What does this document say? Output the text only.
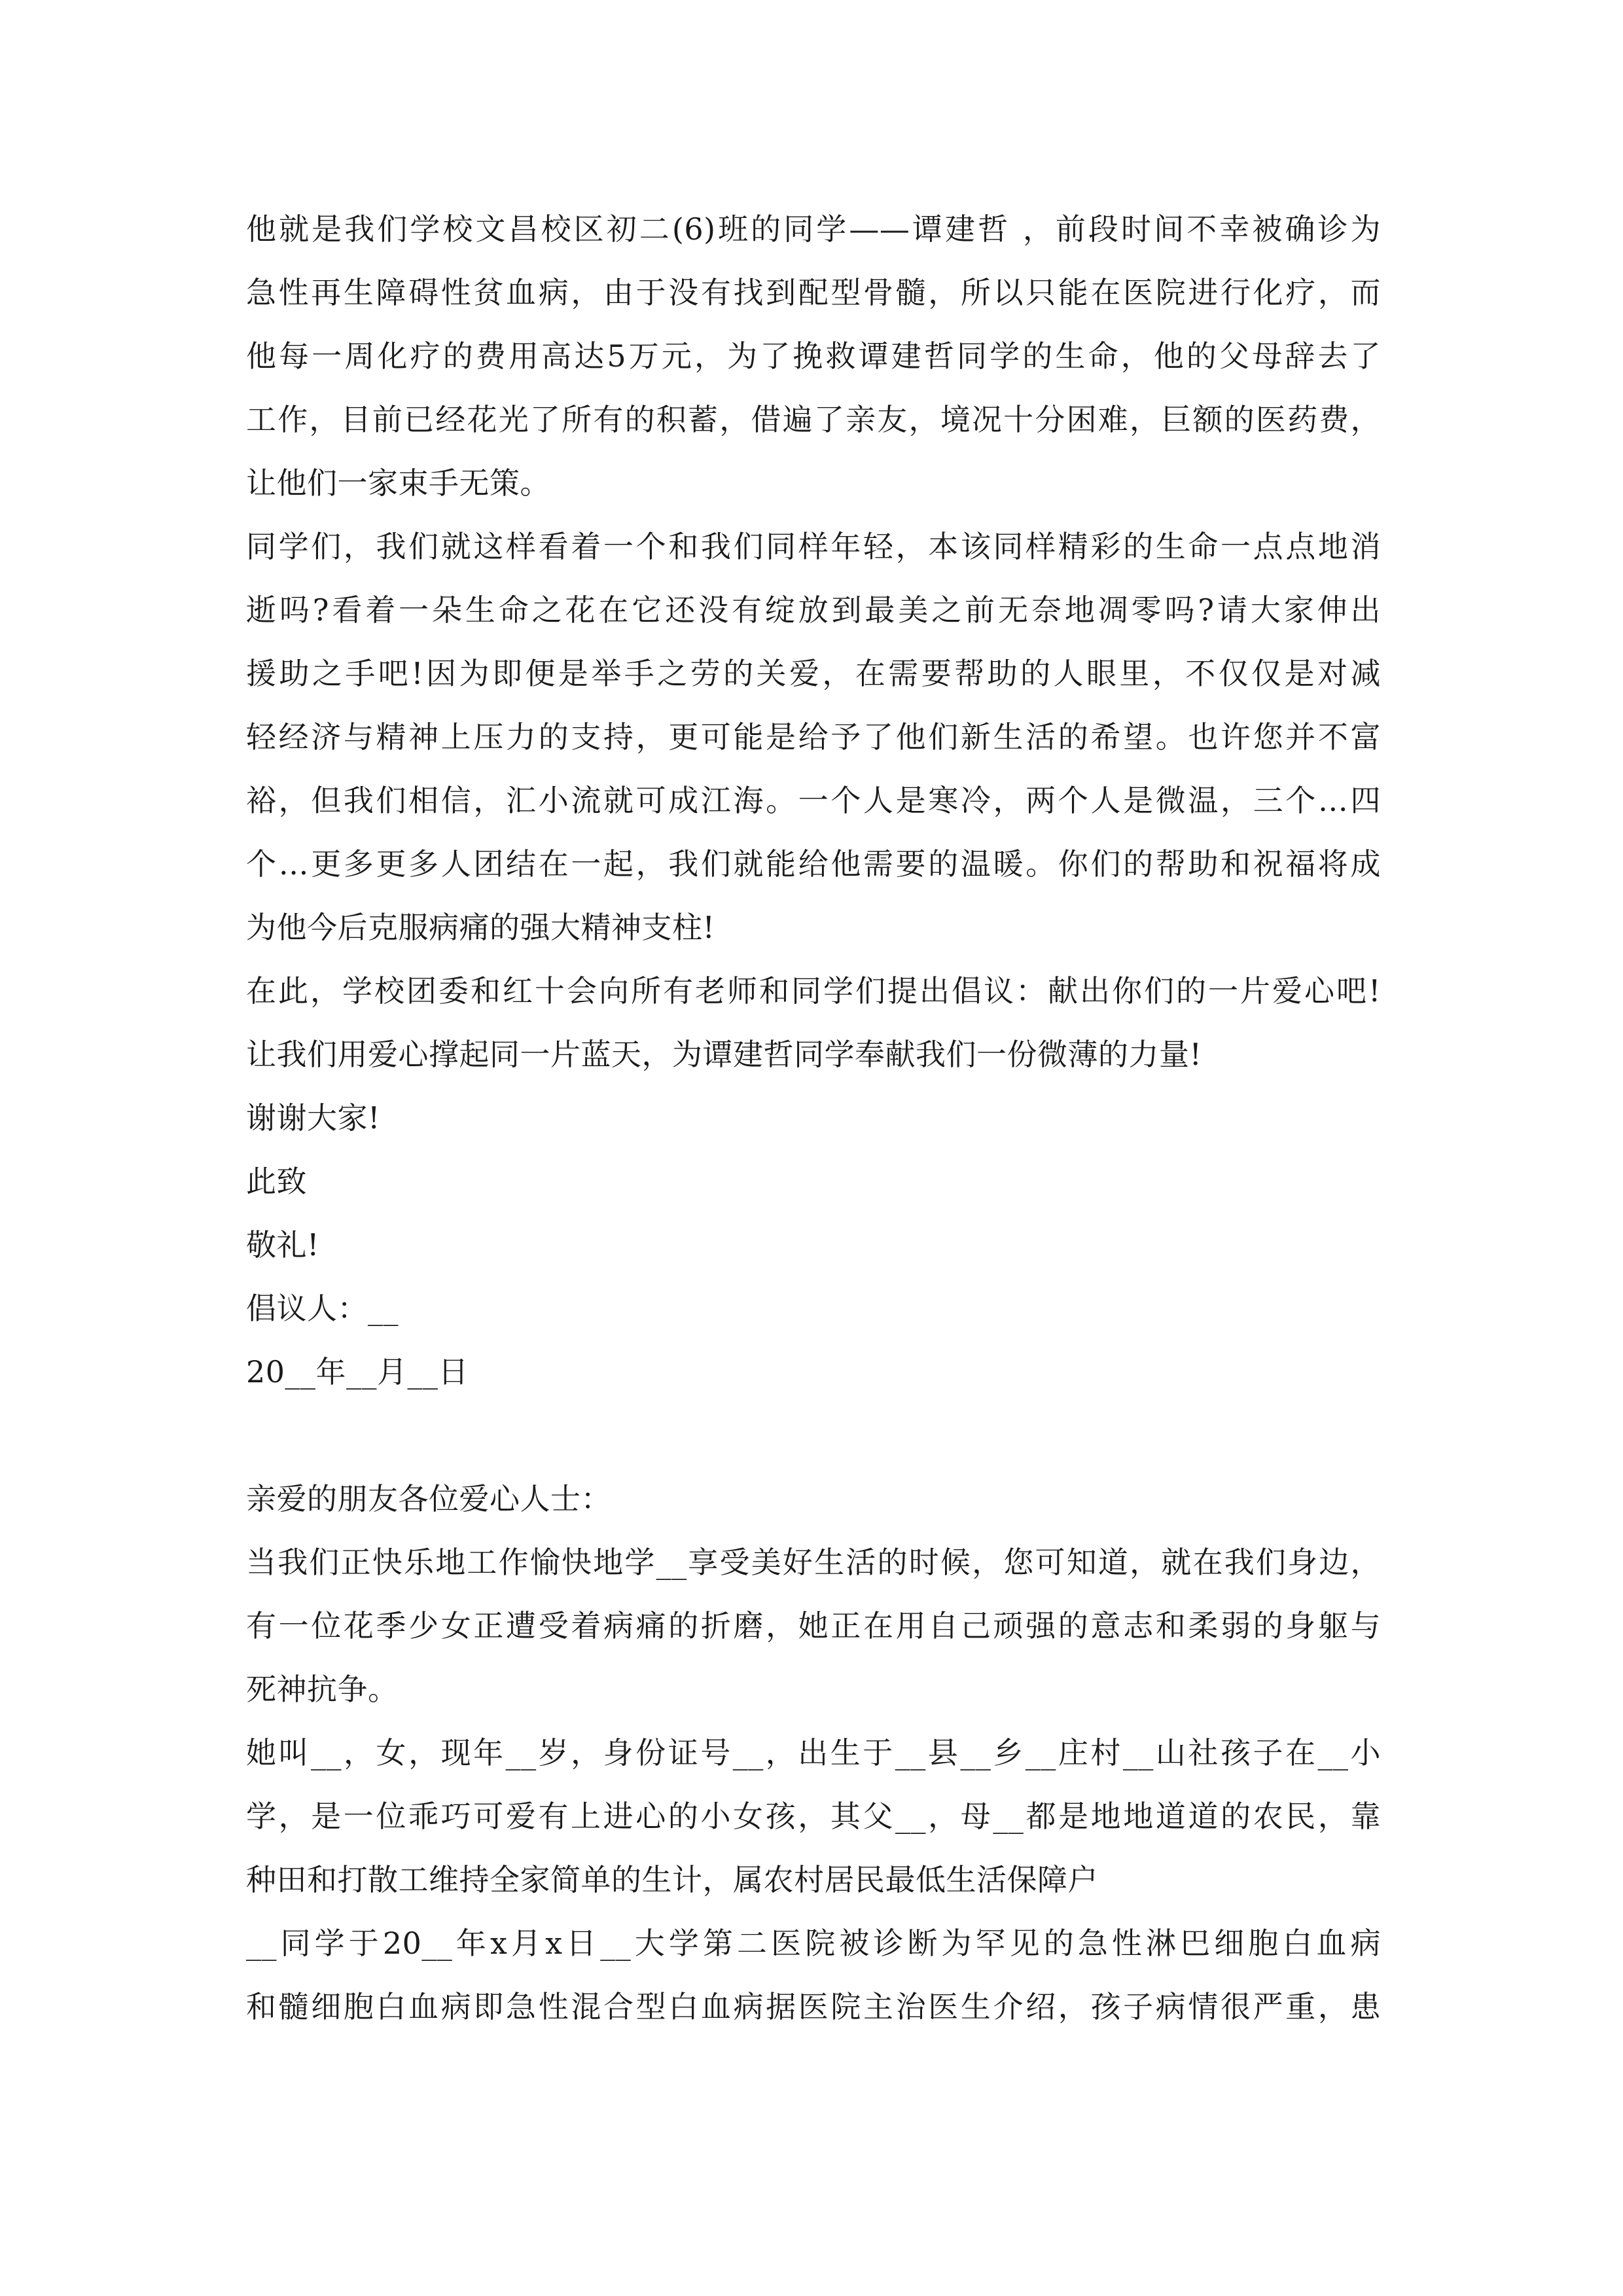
他就是我们学校文昌校区初二(6)班的同学——谭建哲 ，前段时间不幸被确诊为
急性再生障碍性贫血病，由于没有找到配型骨髓，所以只能在医院进行化疗，而
他每一周化疗的费用高达5万元，为了挽救谭建哲同学的生命，他的父母辞去了
工作，目前已经花光了所有的积蓄，借遍了亲友，境况十分困难，巨额的医药费，
让他们一家束手无策。
同学们，我们就这样看着一个和我们同样年轻，本该同样精彩的生命一点点地消
逝吗?看着一朵生命之花在它还没有绽放到最美之前无奈地凋零吗?请大家伸出
援助之手吧!因为即便是举手之劳的关爱，在需要帮助的人眼里，不仅仅是对减
轻经济与精神上压力的支持，更可能是给予了他们新生活的希望。也许您并不富
裕，但我们相信，汇小流就可成江海。一个人是寒冷，两个人是微温，三个…四
个…更多更多人团结在一起，我们就能给他需要的温暖。你们的帮助和祝福将成
为他今后克服病痛的强大精神支柱!
在此，学校团委和红十会向所有老师和同学们提出倡议：献出你们的一片爱心吧!
让我们用爱心撑起同一片蓝天，为谭建哲同学奉献我们一份微薄的力量!
谢谢大家!
此致
敬礼!
倡议人：__
20__年__月__日
亲爱的朋友各位爱心人士：
当我们正快乐地工作愉快地学__享受美好生活的时候，您可知道，就在我们身边，
有一位花季少女正遭受着病痛的折磨，她正在用自己顽强的意志和柔弱的身躯与
死神抗争。
她叫__，女，现年__岁，身份证号__，出生于__县__乡__庄村__山社孩子在__小
学，是一位乖巧可爱有上进心的小女孩，其父__，母__都是地地道道的农民，靠
种田和打散工维持全家简单的生计，属农村居民最低生活保障户
__同学于20__年x月x日__大学第二医院被诊断为罕见的急性淋巴细胞白血病
和髓细胞白血病即急性混合型白血病据医院主治医生介绍，孩子病情很严重，患
